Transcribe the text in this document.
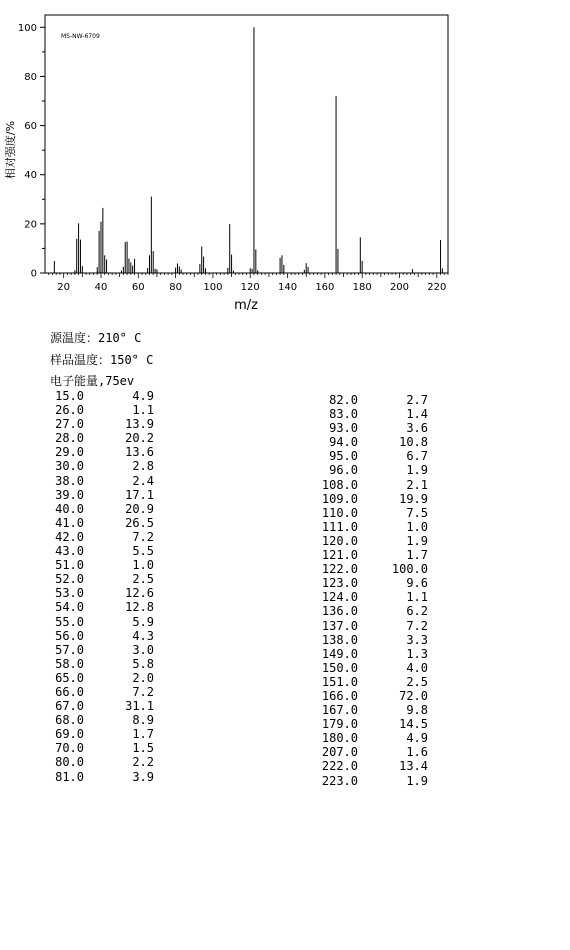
MS-NW-6709
m/z
相对强度/%
0
20
40
60
80
100
20 40 60 80 100 120 140 160 180 200 220
源温度：210° C
样品温度：150° C
电子能量,75ev
15.0	4.9
26.0	1.1
27.0	13.9
28.0	20.2
29.0	13.6
30.0	2.8
38.0	2.4
39.0	17.1
40.0	20.9
41.0	26.5
42.0	7.2
43.0	5.5
51.0	1.0
52.0	2.5
53.0	12.6
54.0	12.8
55.0	5.9
56.0	4.3
57.0	3.0
58.0	5.8
65.0	2.0
66.0	7.2
67.0	31.1
68.0	8.9
69.0	1.7
70.0	1.5
80.0	2.2
81.0	3.9
82.0	2.7
83.0	1.4
93.0	3.6
94.0	10.8
95.0	6.7
96.0	1.9
108.0	2.1
109.0	19.9
110.0	7.5
111.0	1.0
120.0	1.9
121.0	1.7
122.0	100.0
123.0	9.6
124.0	1.1
136.0	6.2
137.0	7.2
138.0	3.3
149.0	1.3
150.0	4.0
151.0	2.5
166.0	72.0
167.0	9.8
179.0	14.5
180.0	4.9
207.0	1.6
222.0	13.4
223.0	1.9
